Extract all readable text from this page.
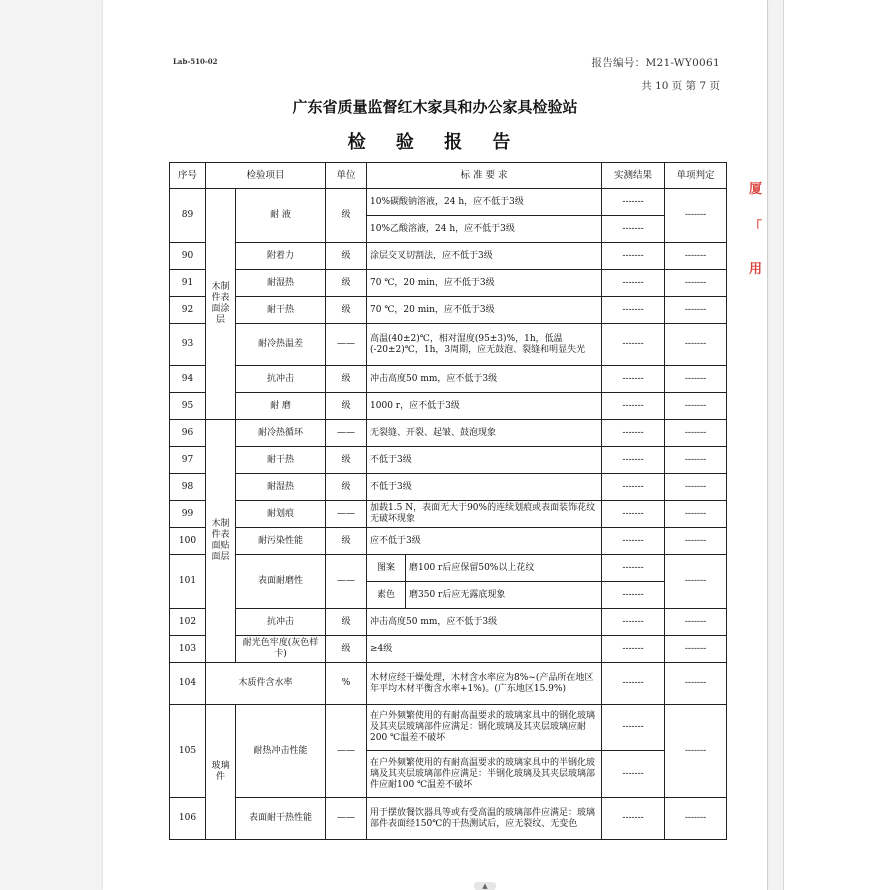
Lab-510-02	报告编号：M21-WY0061
共 10 页 第 7 页
广东省质量监督红木家具和办公家具检验站
检 验 报 告
序号	检验项目		单位	标 准 要 求		实测结果	单项判定
89	木制件表面涂层	耐 液	级	10%碳酸钠溶液，24 h，应不低于3级		-------	-------
				10%乙酸溶液，24 h，应不低于3级		-------	
90		附着力	级	涂层交叉切割法，应不低于3级		-------	-------
91		耐湿热	级	70 ℃，20 min，应不低于3级		-------	-------
92		耐干热	级	70 ℃，20 min，应不低于3级		-------	-------
93		耐冷热温差	——	高温(40±2)℃，相对湿度(95±3)%，1h，低温(-20±2)℃，1h，3周期，应无鼓泡、裂缝和明显失光		-------	-------
94		抗冲击	级	冲击高度50 mm，应不低于3级		-------	-------
95		耐 磨	级	1000 r，应不低于3级		-------	-------
96	木制件表面贴面层	耐冷热循环	——	无裂缝、开裂、起皱、鼓泡现象		-------	-------
97		耐干热	级	不低于3级		-------	-------
98		耐湿热	级	不低于3级		-------	-------
99		耐划痕	——	加载1.5 N，表面无大于90%的连续划痕或表面装饰花纹无破坏现象		-------	-------
100		耐污染性能	级	应不低于3级		-------	-------
101		表面耐磨性	——	图案	磨100 r后应保留50%以上花纹	-------	-------
				素色	磨350 r后应无露底现象	-------	
102		抗冲击	级	冲击高度50 mm，应不低于3级		-------	-------
103		耐光色牢度(灰色样卡)	级	≥4级		-------	-------
104	木质件含水率		%	木材应经干燥处理，木材含水率应为8%~(产品所在地区年平均木材平衡含水率+1%)。(广东地区15.9%)		-------	-------
105	玻璃件	耐热冲击性能	——	在户外频繁使用的有耐高温要求的玻璃家具中的钢化玻璃及其夹层玻璃部件应满足：钢化玻璃及其夹层玻璃应耐200 ℃温差不破坏		-------	-------
				在户外频繁使用的有耐高温要求的玻璃家具中的半钢化玻璃及其夹层玻璃部件应满足：半钢化玻璃及其夹层玻璃部件应耐100 ℃温差不破坏		-------	
106		表面耐干热性能	——	用于摆放餐饮器具等或有受高温的玻璃部件应满足：玻璃部件表面经150℃的干热测试后，应无裂纹、无变色		-------	-------
厦
「
用
▲
